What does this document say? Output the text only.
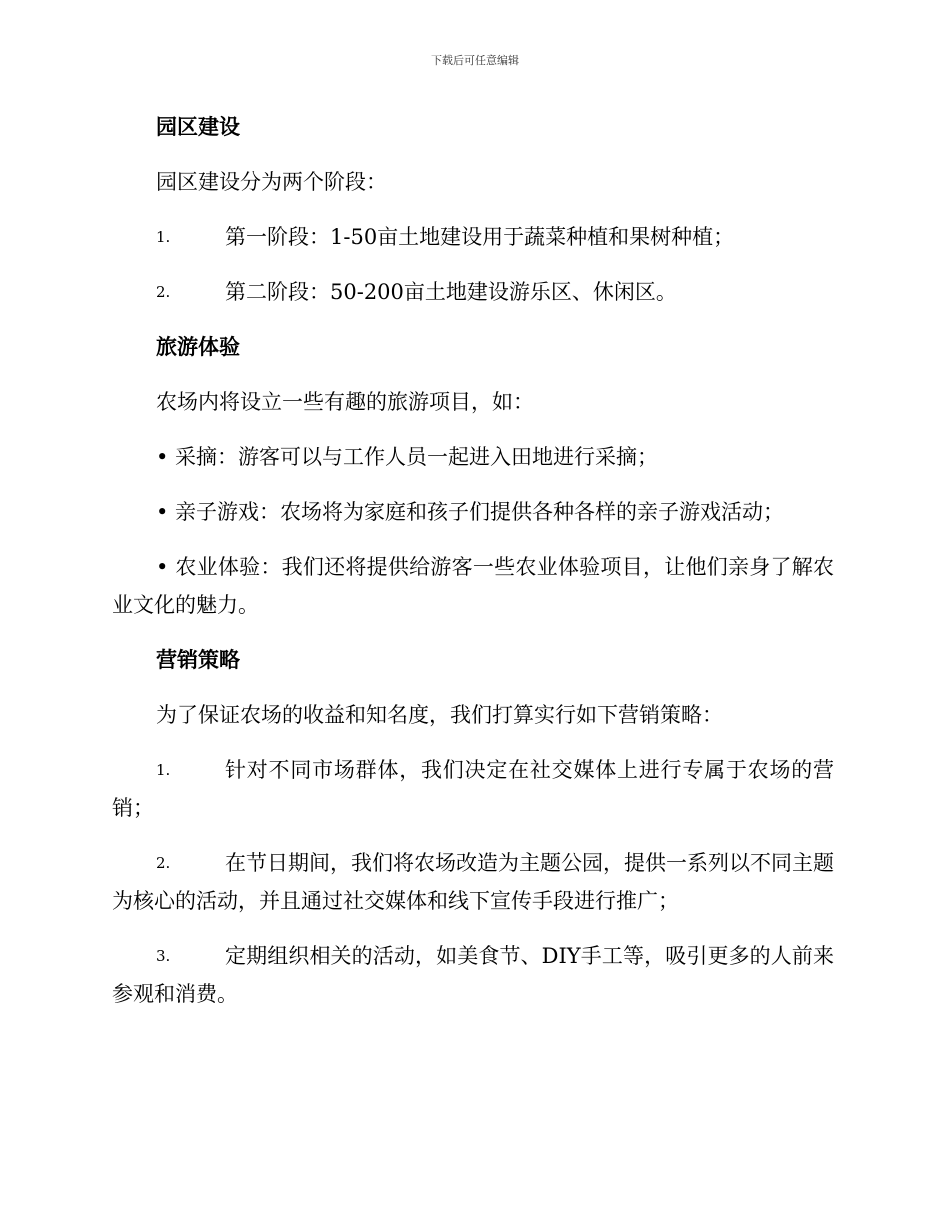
下载后可任意编辑
园区建设

园区建设分为两个阶段：

1.	第一阶段：1-50亩土地建设用于蔬菜种植和果树种植；

2.	第二阶段：50-200亩土地建设游乐区、休闲区。

旅游体验

农场内将设立一些有趣的旅游项目，如：

• 采摘：游客可以与工作人员一起进入田地进行采摘；

• 亲子游戏：农场将为家庭和孩子们提供各种各样的亲子游戏活动；

• 农业体验：我们还将提供给游客一些农业体验项目，让他们亲身了解农业文化的魅力。

营销策略

为了保证农场的收益和知名度，我们打算实行如下营销策略：

1.	针对不同市场群体，我们决定在社交媒体上进行专属于农场的营销；

2.	在节日期间，我们将农场改造为主题公园，提供一系列以不同主题为核心的活动，并且通过社交媒体和线下宣传手段进行推广；

3.	定期组织相关的活动，如美食节、DIY手工等，吸引更多的人前来参观和消费。
